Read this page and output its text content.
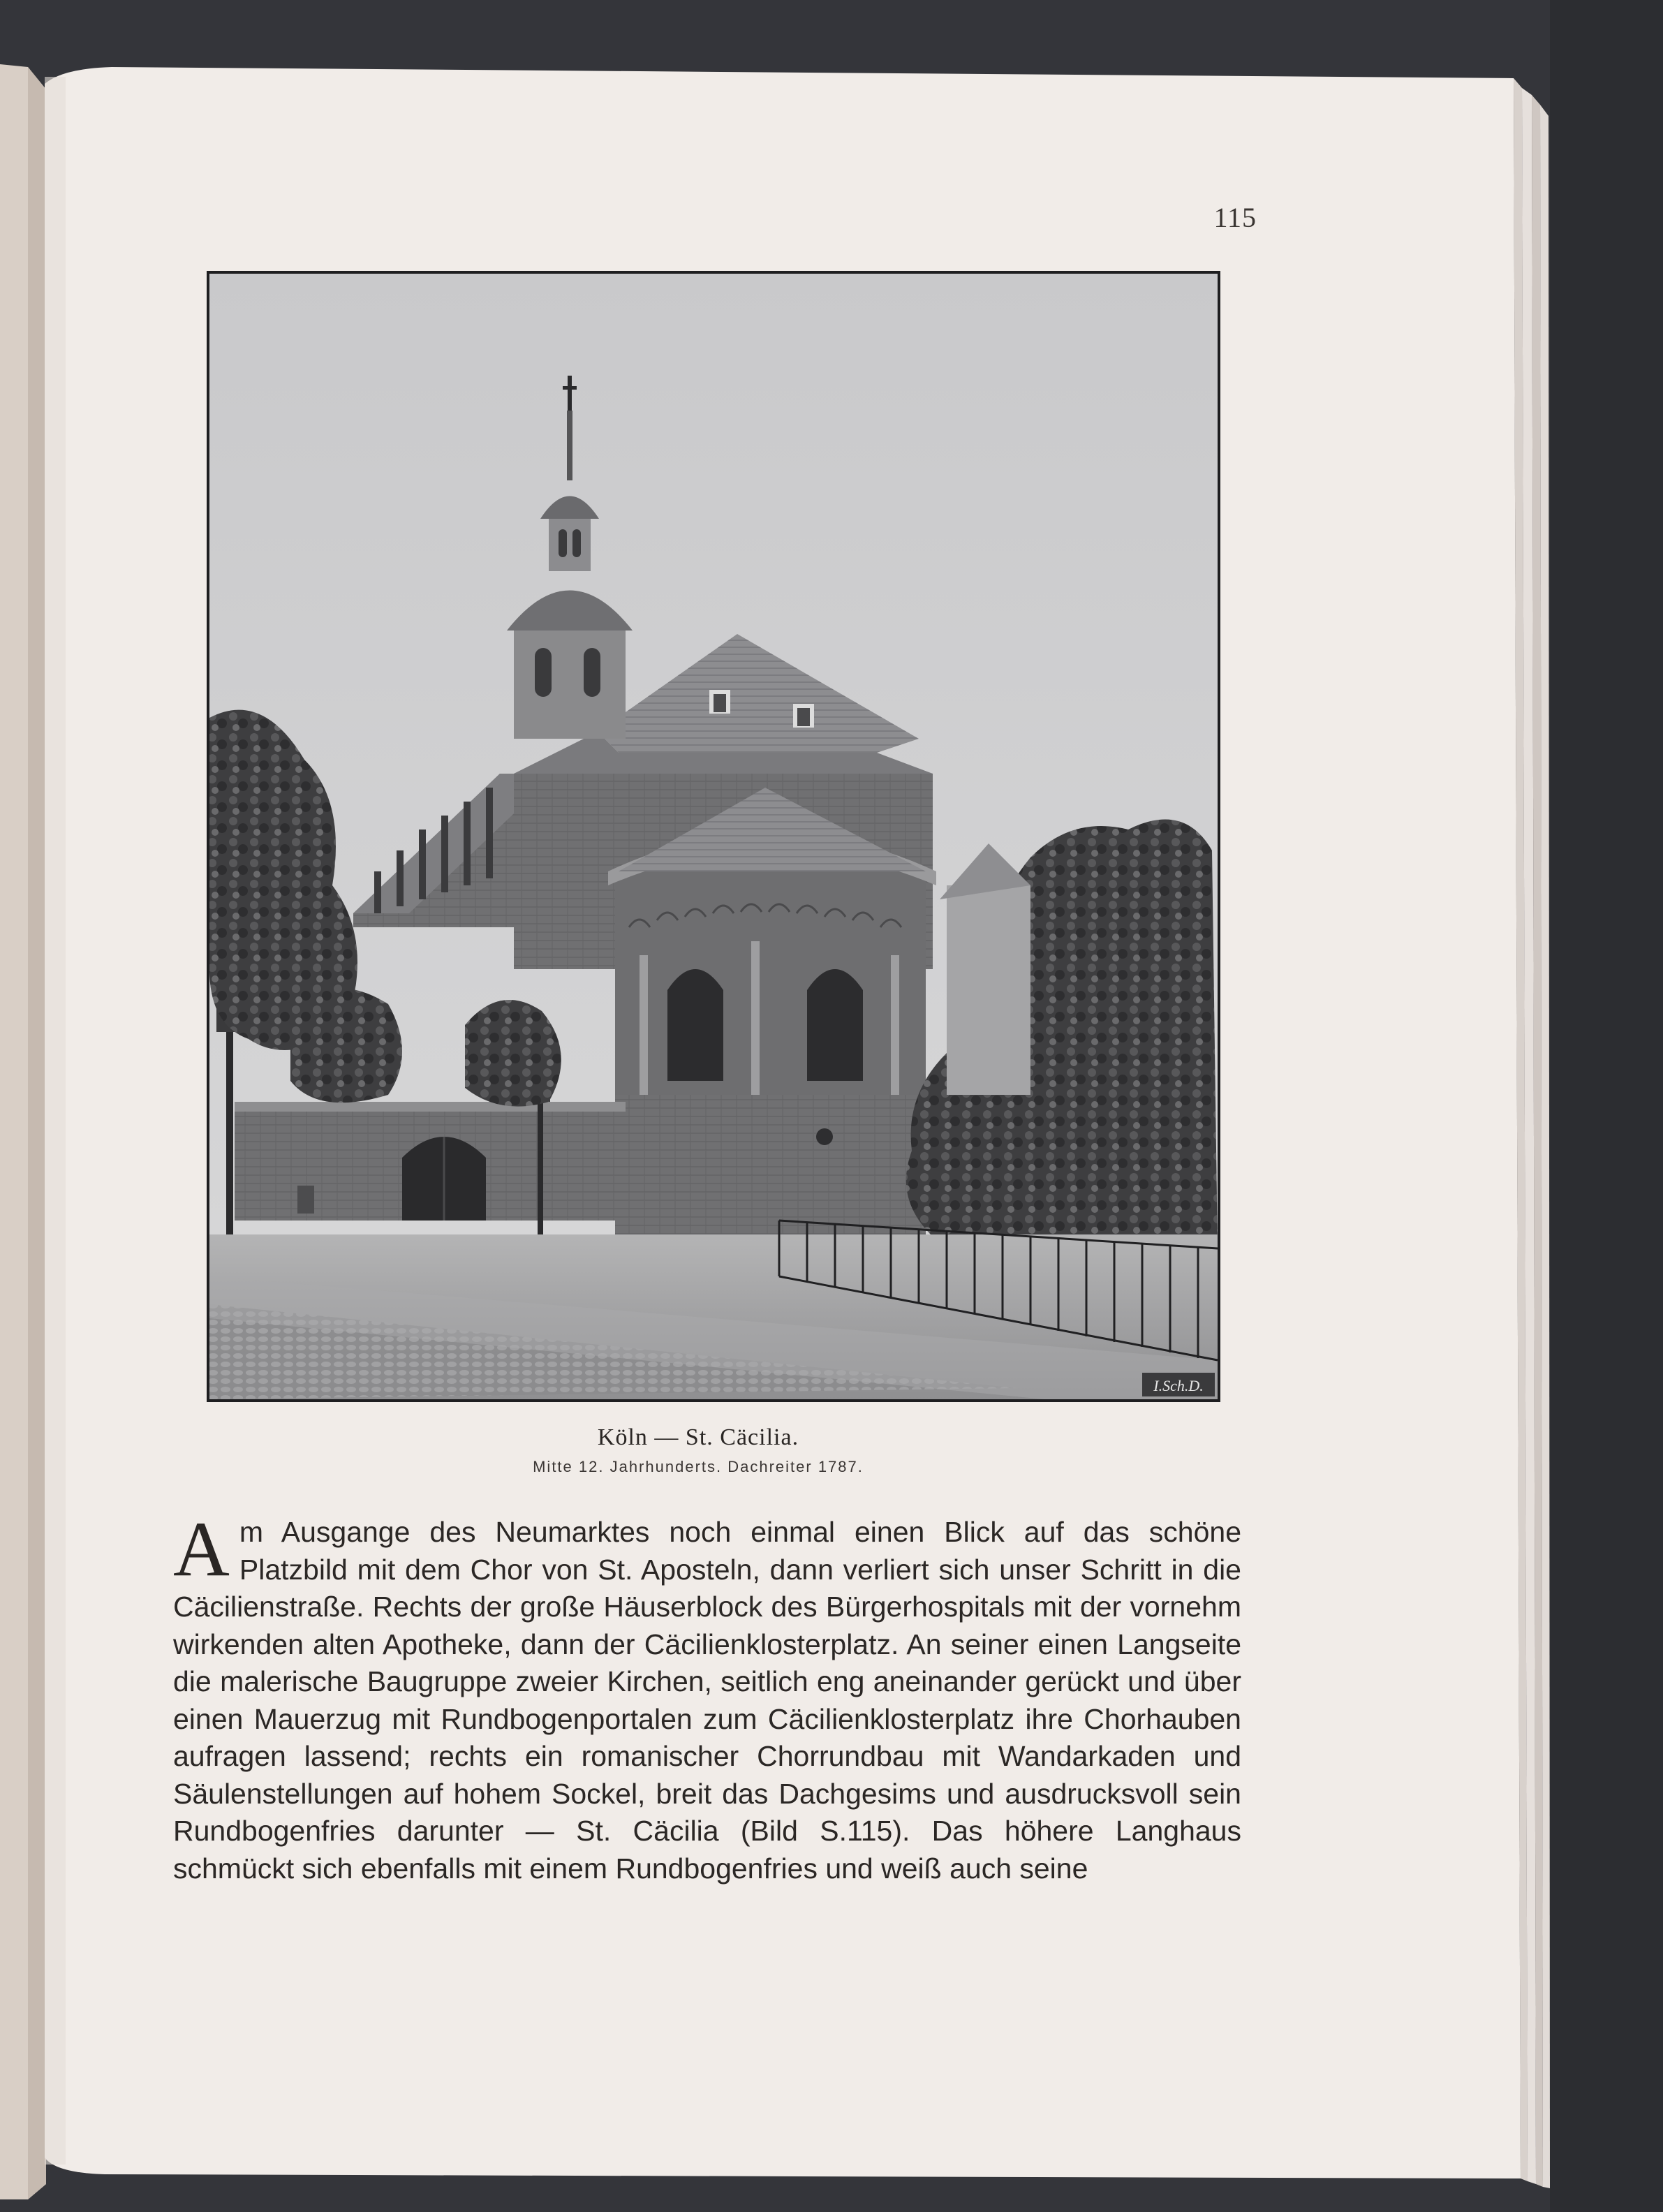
115
I.Sch.D.
Köln — St. Cäcilia.
Mitte 12. Jahrhunderts. Dachreiter 1787.
Am Ausgange des Neumarktes noch einmal einen Blick auf das schöne Platzbild mit dem Chor von St. Aposteln, dann verliert sich unser Schritt in die Cäcilienstraße. Rechts der große Häuserblock des Bürgerhospitals mit der vornehm wirkenden alten Apotheke, dann der Cäcilienklosterplatz. An seiner einen Langseite die malerische Baugruppe zweier Kirchen, seitlich eng aneinander gerückt und über einen Mauerzug mit Rundbogenportalen zum Cäcilienklosterplatz ihre Chorhauben aufragen lassend; rechts ein romanischer Chorrundbau mit Wandarkaden und Säulenstellungen auf hohem Sockel, breit das Dachgesims und ausdrucksvoll sein Rundbogenfries darunter — St. Cäcilia (Bild S.115). Das höhere Langhaus schmückt sich ebenfalls mit einem Rundbogenfries und weiß auch seine
